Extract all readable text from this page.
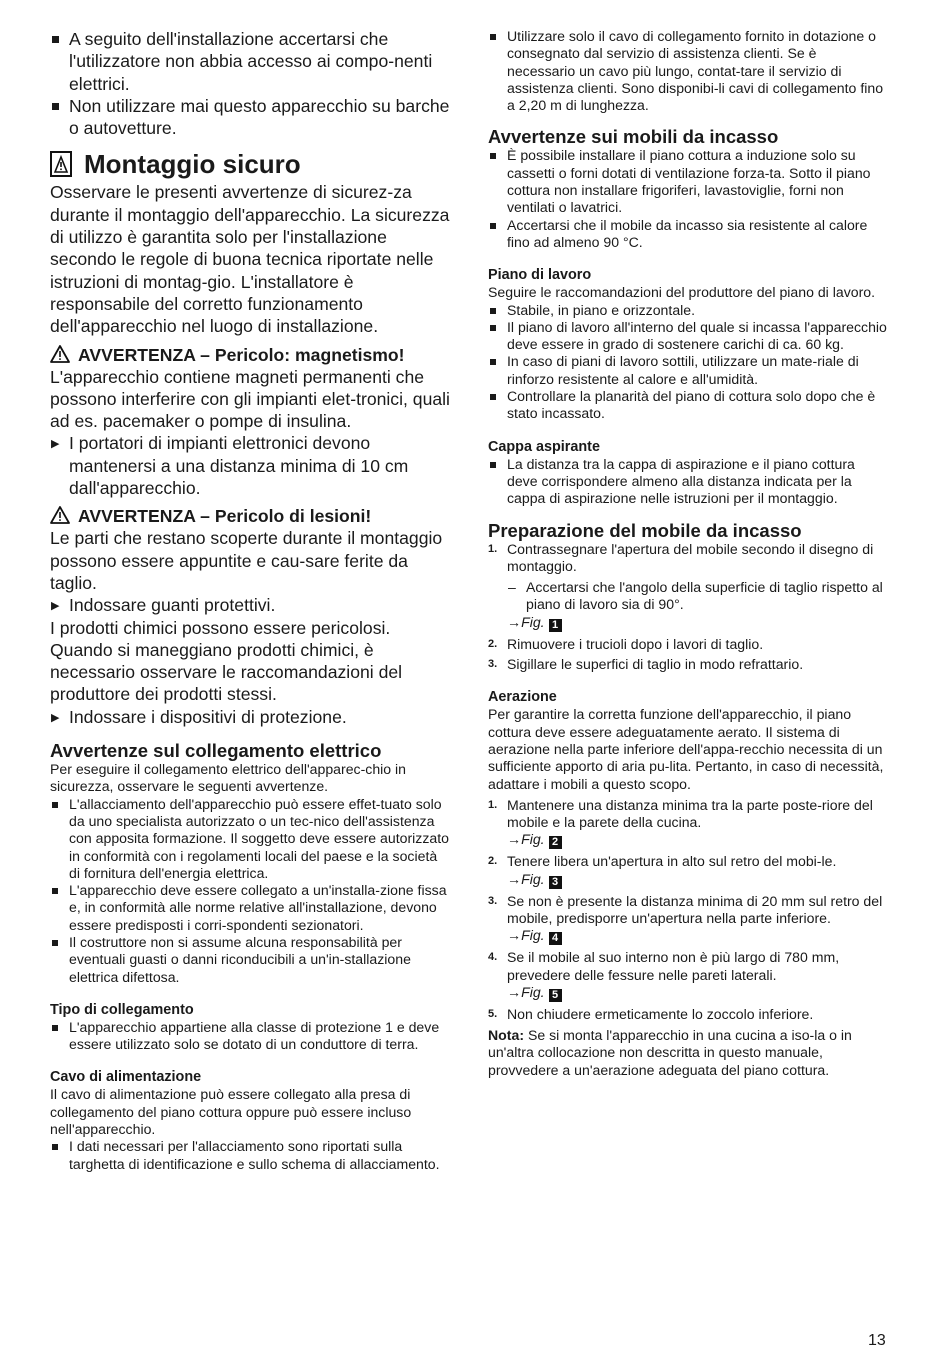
A seguito dell'installazione accertarsi che l'utilizzatore non abbia accesso ai compo-nenti elettrici.
Non utilizzare mai questo apparecchio su barche o autovetture.
Montaggio sicuro

Osservare le presenti avvertenze di sicurez-za durante il montaggio dell'apparecchio. La sicurezza di utilizzo è garantita solo per l'installazione secondo le regole di buona tecnica riportate nelle istruzioni di montag-gio. L'installatore è responsabile del corretto funzionamento dell'apparecchio nel luogo di installazione.

AVVERTENZA – Pericolo: magnetismo!

L'apparecchio contiene magneti permanenti che possono interferire con gli impianti elet-tronici, quali ad es. pacemaker o pompe di insulina.

▶ I portatori di impianti elettronici devono mantenersi a una distanza minima di 10 cm dall'apparecchio.
AVVERTENZA – Pericolo di lesioni!

Le parti che restano scoperte durante il montaggio possono essere appuntite e cau-sare ferite da taglio.

▶ Indossare guanti protettivi.

I prodotti chimici possono essere pericolosi. Quando si maneggiano prodotti chimici, è necessario osservare le raccomandazioni del produttore dei prodotti stessi.

▶ Indossare i dispositivi di protezione.
Avvertenze sul collegamento elettrico

Per eseguire il collegamento elettrico dell'apparec-chio in sicurezza, osservare le seguenti avvertenze.

L'allacciamento dell'apparecchio può essere effet-tuato solo da uno specialista autorizzato o un tec-nico dell'assistenza con apposita formazione. Il soggetto deve essere autorizzato in conformità con i regolamenti locali del paese e la società di fornitura dell'energia elettrica.
L'apparecchio deve essere collegato a un'installa-zione fissa e, in conformità alle norme relative all'installazione, devono essere predisposti i corri-spondenti sezionatori.
Il costruttore non si assume alcuna responsabilità per eventuali guasti o danni riconducibili a un'in-stallazione elettrica difettosa.
Tipo di collegamento
L'apparecchio appartiene alla classe di protezione 1 e deve essere utilizzato solo se dotato di un conduttore di terra.
Cavo di alimentazione

Il cavo di alimentazione può essere collegato alla presa di collegamento del piano cottura oppure può essere incluso nell'apparecchio.

I dati necessari per l'allacciamento sono riportati sulla targhetta di identificazione e sullo schema di allacciamento.
Utilizzare solo il cavo di collegamento fornito in dotazione o consegnato dal servizio di assistenza clienti. Se è necessario un cavo più lungo, contat-tare il servizio di assistenza clienti. Sono disponibi-li cavi di collegamento fino a 2,20 m di lunghezza.
Avvertenze sui mobili da incasso
È possibile installare il piano cottura a induzione solo su cassetti o forni dotati di ventilazione forza-ta. Sotto il piano cottura non installare frigoriferi, lavastoviglie, forni non ventilati o lavatrici.
Accertarsi che il mobile da incasso sia resistente al calore fino ad almeno 90 °C.
Piano di lavoro

Seguire le raccomandazioni del produttore del piano di lavoro.

Stabile, in piano e orizzontale.
Il piano di lavoro all'interno del quale si incassa l'apparecchio deve essere in grado di sostenere carichi di ca. 60 kg.
In caso di piani di lavoro sottili, utilizzare un mate-riale di rinforzo resistente al calore e all'umidità.
Controllare la planarità del piano di cottura solo dopo che è stato incassato.
Cappa aspirante
La distanza tra la cappa di aspirazione e il piano cottura deve corrispondere almeno alla distanza indicata per la cappa di aspirazione nelle istruzioni per il montaggio.
Preparazione del mobile da incasso
1. Contrassegnare l'apertura del mobile secondo il disegno di montaggio.
– Accertarsi che l'angolo della superficie di taglio rispetto al piano di lavoro sia di 90°.
→Fig. 1
2. Rimuovere i trucioli dopo i lavori di taglio.
3. Sigillare le superfici di taglio in modo refrattario.
Aerazione

Per garantire la corretta funzione dell'apparecchio, il piano cottura deve essere adeguatamente aerato. Il sistema di aerazione nella parte inferiore dell'appa-recchio necessita di un sufficiente apporto di aria pu-lita. Pertanto, in caso di necessità, adattare i mobili a questo scopo.

1. Mantenere una distanza minima tra la parte poste-riore del mobile e la parete della cucina.
→Fig. 2
2. Tenere libera un'apertura in alto sul retro del mobi-le.
→Fig. 3
3. Se non è presente la distanza minima di 20 mm sul retro del mobile, predisporre un'apertura nella parte inferiore.
→Fig. 4
4. Se il mobile al suo interno non è più largo di 780 mm, prevedere delle fessure nelle pareti laterali.
→Fig. 5
5. Non chiudere ermeticamente lo zoccolo inferiore.

Nota: Se si monta l'apparecchio in una cucina a iso-la o in un'altra collocazione non descritta in questo manuale, provvedere a un'aerazione adeguata del piano cottura.

13
